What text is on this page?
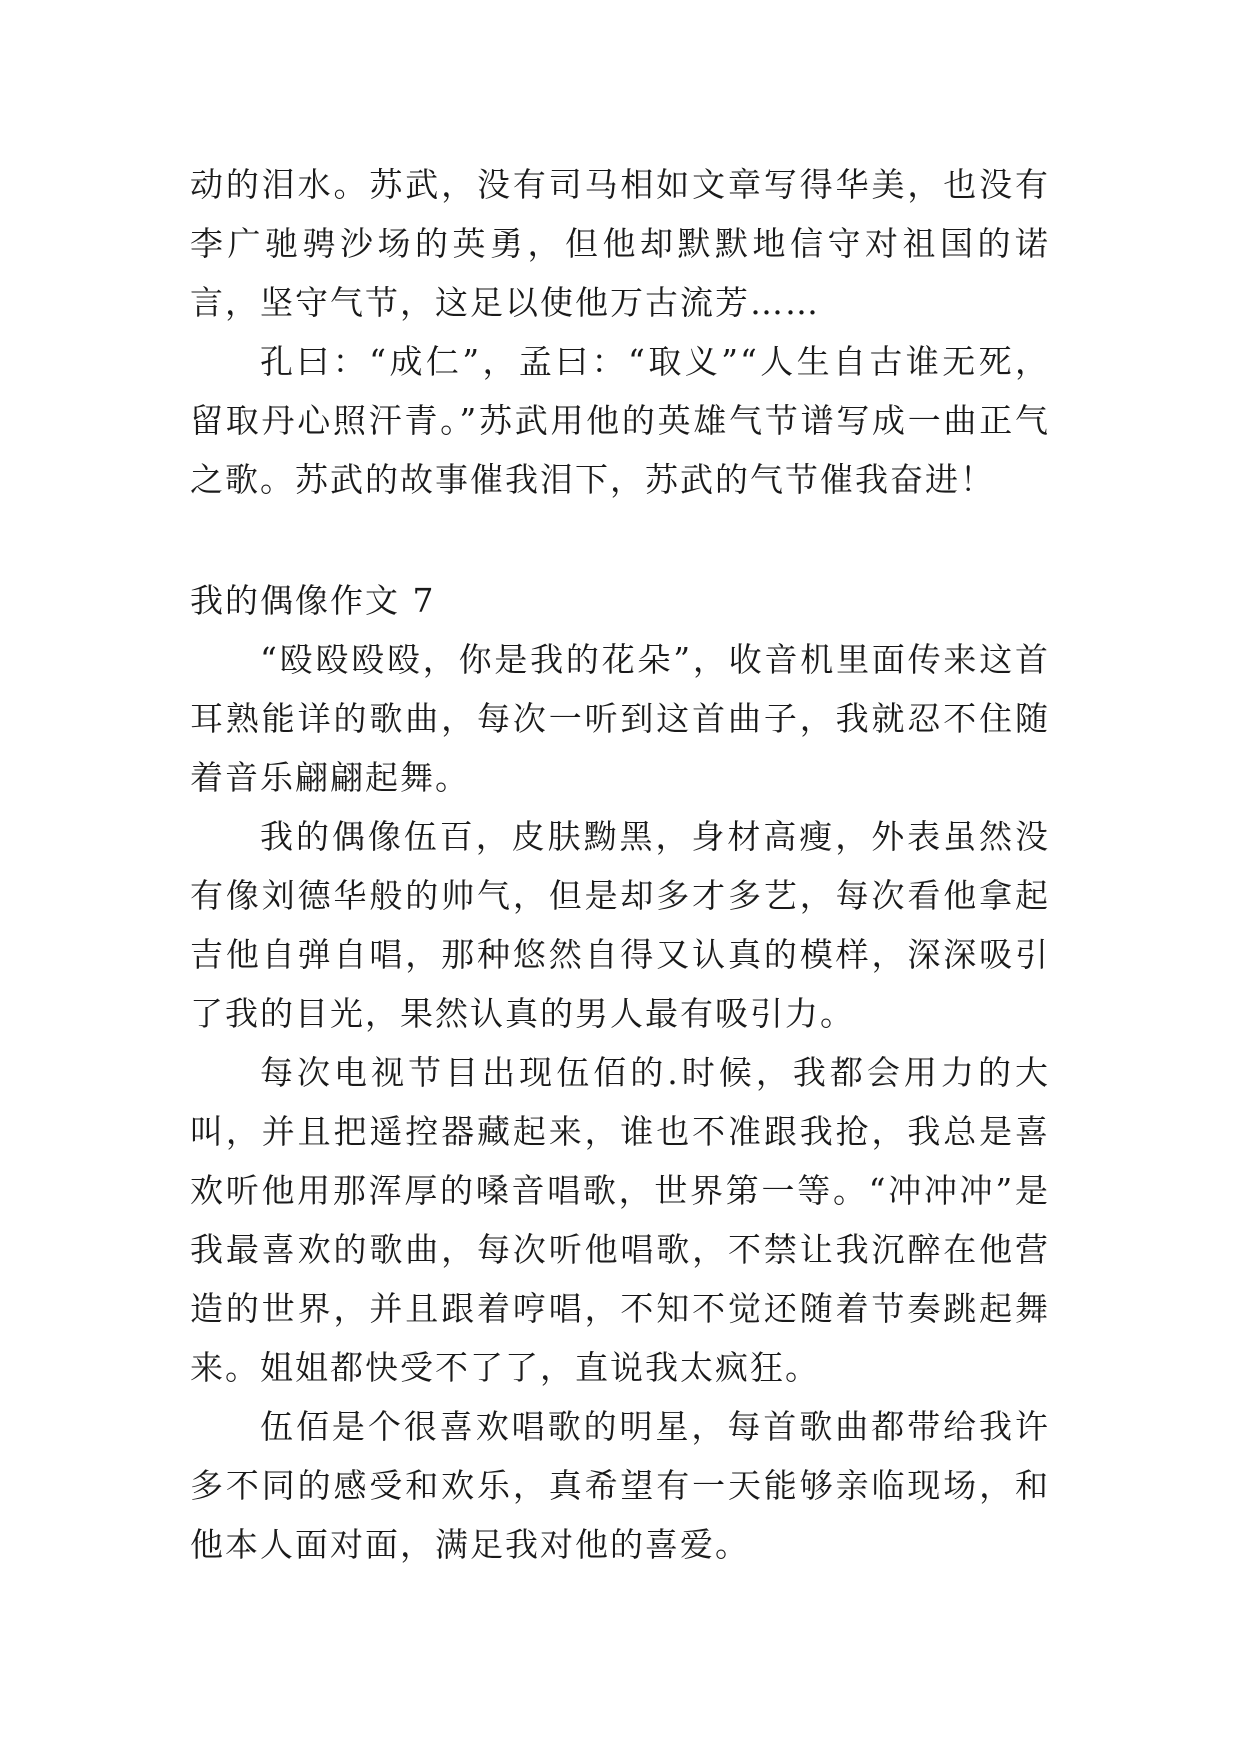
动的泪水。苏武，没有司马相如文章写得华美，也没有李广驰骋沙场的英勇，但他却默默地信守对祖国的诺言，坚守气节，这足以使他万古流芳……

孔曰：“成仁”，孟曰：“取义”“人生自古谁无死，留取丹心照汗青。”苏武用他的英雄气节谱写成一曲正气之歌。苏武的故事催我泪下，苏武的气节催我奋进！

我的偶像作文 7

“殴殴殴殴，你是我的花朵”，收音机里面传来这首耳熟能详的歌曲，每次一听到这首曲子，我就忍不住随着音乐翩翩起舞。

我的偶像伍百，皮肤黝黑，身材高瘦，外表虽然没有像刘德华般的帅气，但是却多才多艺，每次看他拿起吉他自弹自唱，那种悠然自得又认真的模样，深深吸引了我的目光，果然认真的男人最有吸引力。

每次电视节目出现伍佰的.时候，我都会用力的大叫，并且把遥控器藏起来，谁也不准跟我抢，我总是喜欢听他用那浑厚的嗓音唱歌，世界第一等。“冲冲冲”是我最喜欢的歌曲，每次听他唱歌，不禁让我沉醉在他营造的世界，并且跟着哼唱，不知不觉还随着节奏跳起舞来。姐姐都快受不了了，直说我太疯狂。

伍佰是个很喜欢唱歌的明星，每首歌曲都带给我许多不同的感受和欢乐，真希望有一天能够亲临现场，和他本人面对面，满足我对他的喜爱。
